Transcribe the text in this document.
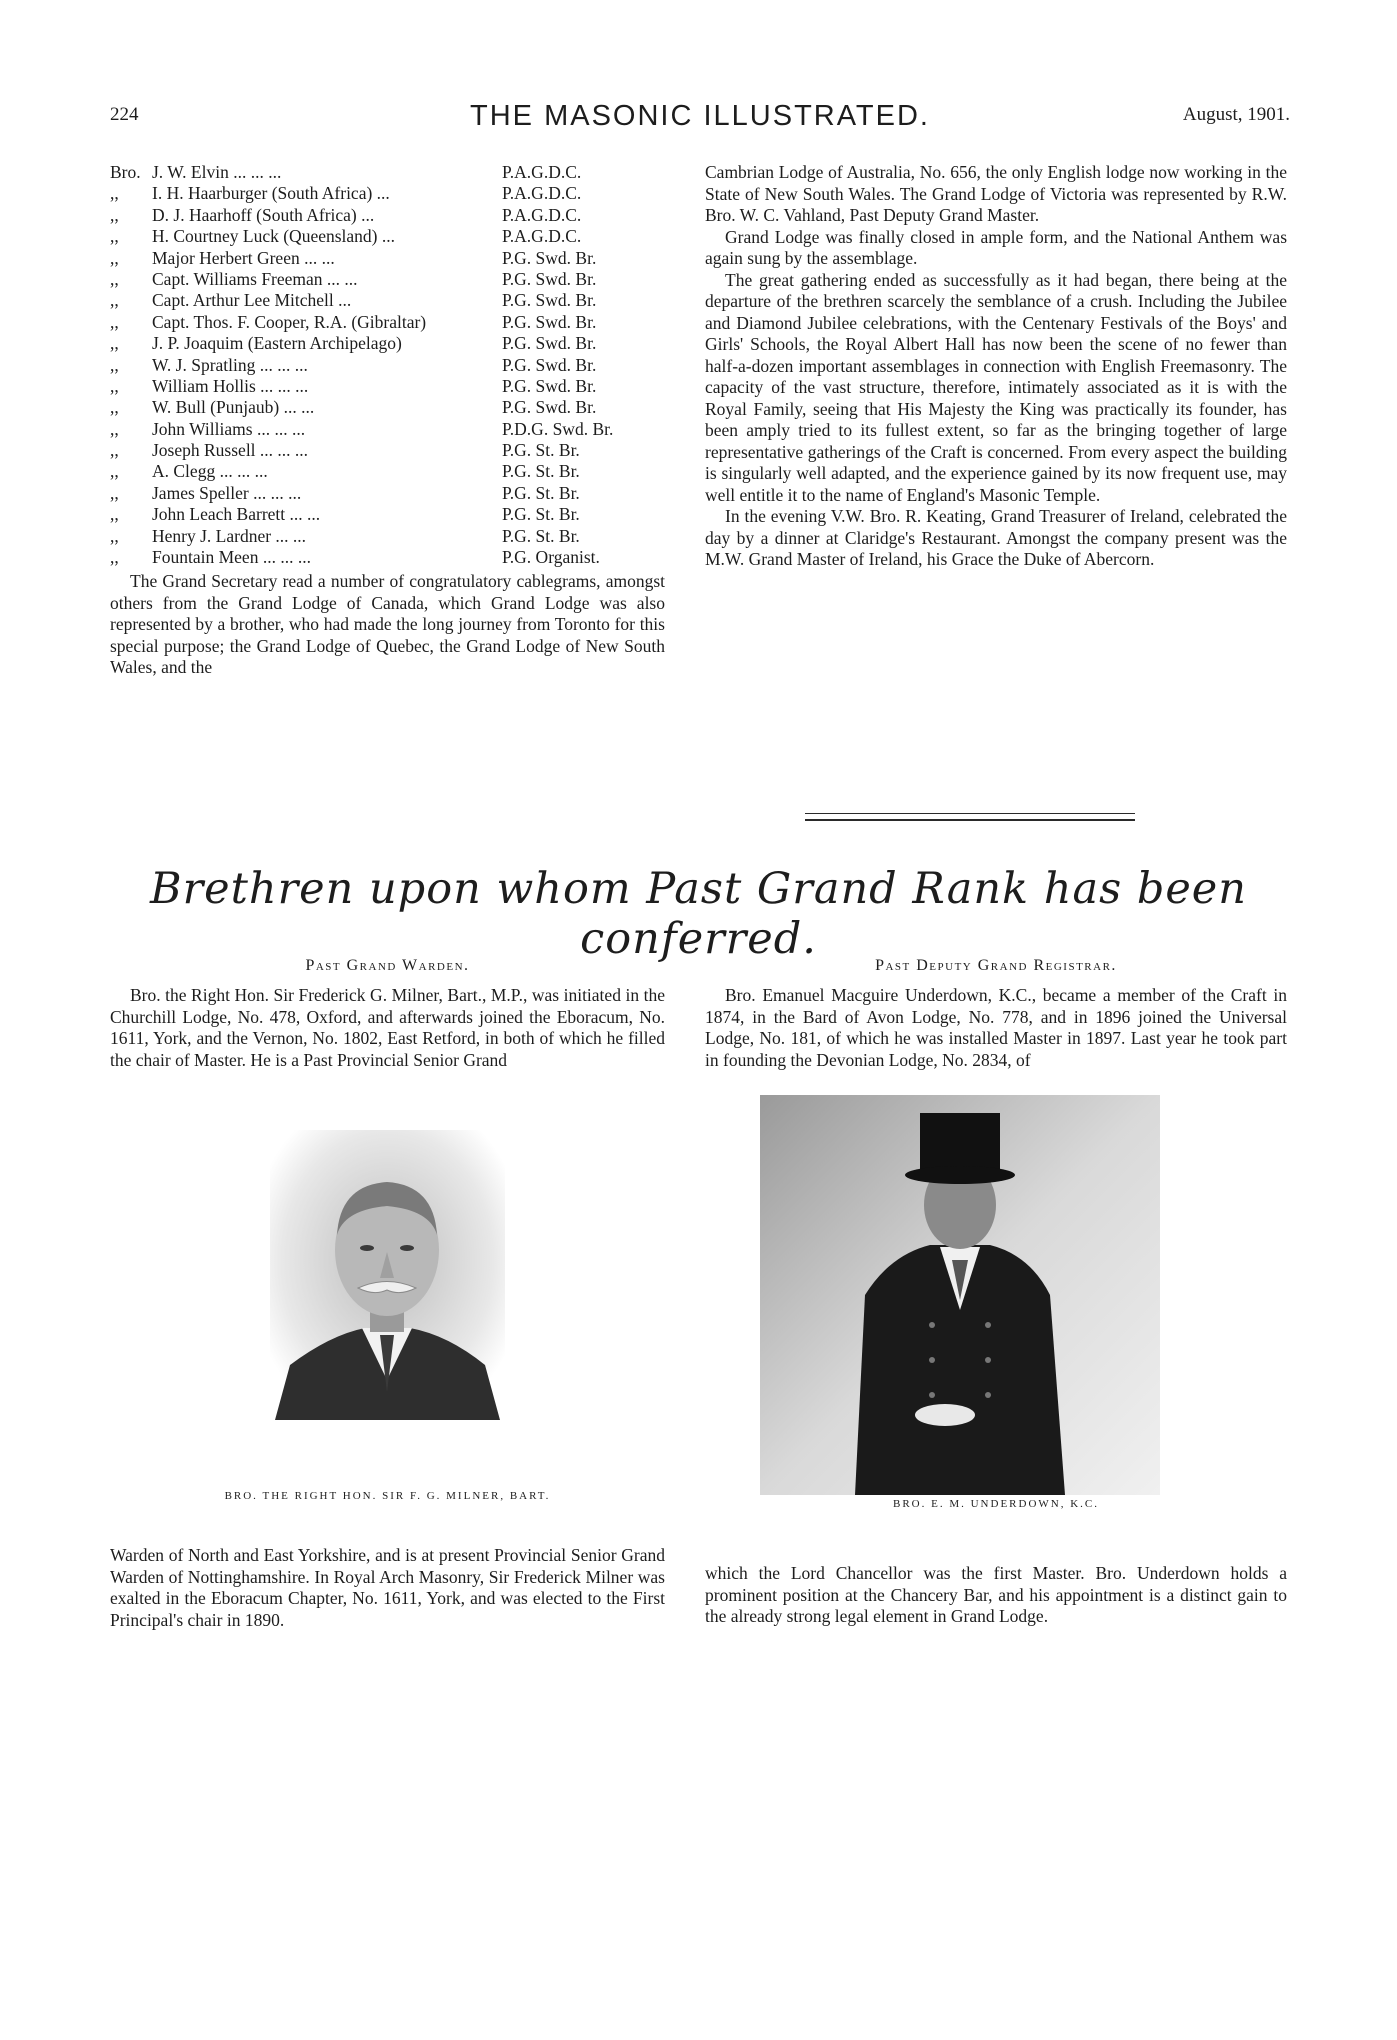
224	THE MASONIC ILLUSTRATED.	August, 1901.
Bro. J. W. Elvin ... ... ...	P.A.G.D.C.
,,	I. H. Haarburger (South Africa) ...	P.A.G.D.C.
,,	D. J. Haarhoff (South Africa) ...	P.A.G.D.C.
,,	H. Courtney Luck (Queensland) ...	P.A.G.D.C.
,,	Major Herbert Green ... ...	P.G. Swd. Br.
,,	Capt. Williams Freeman ... ...	P.G. Swd. Br.
,,	Capt. Arthur Lee Mitchell ...	P.G. Swd. Br.
,,	Capt. Thos. F. Cooper, R.A. (Gibraltar)	P.G. Swd. Br.
,,	J. P. Joaquim (Eastern Archipelago)	P.G. Swd. Br.
,,	W. J. Spratling ... ... ...	P.G. Swd. Br.
,,	William Hollis ... ... ...	P.G. Swd. Br.
,,	W. Bull (Punjaub) ... ...	P.G. Swd. Br.
,,	John Williams ... ... ...	P.D.G. Swd. Br.
,,	Joseph Russell ... ... ...	P.G. St. Br.
,,	A. Clegg ... ... ...	P.G. St. Br.
,,	James Speller ... ... ...	P.G. St. Br.
,,	John Leach Barrett ... ...	P.G. St. Br.
,,	Henry J. Lardner ... ...	P.G. St. Br.
,,	Fountain Meen ... ... ...	P.G. Organist.

The Grand Secretary read a number of congratulatory cablegrams, amongst others from the Grand Lodge of Canada, which Grand Lodge was also represented by a brother, who had made the long journey from Toronto for this special purpose; the Grand Lodge of Quebec, the Grand Lodge of New South Wales, and the

Cambrian Lodge of Australia, No. 656, the only English lodge now working in the State of New South Wales. The Grand Lodge of Victoria was represented by R.W. Bro. W. C. Vahland, Past Deputy Grand Master.

Grand Lodge was finally closed in ample form, and the National Anthem was again sung by the assemblage.

The great gathering ended as successfully as it had began, there being at the departure of the brethren scarcely the semblance of a crush. Including the Jubilee and Diamond Jubilee celebrations, with the Centenary Festivals of the Boys' and Girls' Schools, the Royal Albert Hall has now been the scene of no fewer than half-a-dozen important assemblages in connection with English Freemasonry. The capacity of the vast structure, therefore, intimately associated as it is with the Royal Family, seeing that His Majesty the King was practically its founder, has been amply tried to its fullest extent, so far as the bringing together of large representative gatherings of the Craft is concerned. From every aspect the building is singularly well adapted, and the experience gained by its now frequent use, may well entitle it to the name of England's Masonic Temple.

In the evening V.W. Bro. R. Keating, Grand Treasurer of Ireland, celebrated the day by a dinner at Claridge's Restaurant. Amongst the company present was the M.W. Grand Master of Ireland, his Grace the Duke of Abercorn.

Brethren upon whom Past Grand Rank has been conferred.
Past Grand Warden.

Bro. the Right Hon. Sir Frederick G. Milner, Bart., M.P., was initiated in the Churchill Lodge, No. 478, Oxford, and afterwards joined the Eboracum, No. 1611, York, and the Vernon, No. 1802, East Retford, in both of which he filled the chair of Master. He is a Past Provincial Senior Grand

BRO. THE RIGHT HON. SIR F. G. MILNER, BART.

Warden of North and East Yorkshire, and is at present Provincial Senior Grand Warden of Nottinghamshire. In Royal Arch Masonry, Sir Frederick Milner was exalted in the Eboracum Chapter, No. 1611, York, and was elected to the First Principal's chair in 1890.

Past Deputy Grand Registrar.

Bro. Emanuel Macguire Underdown, K.C., became a member of the Craft in 1874, in the Bard of Avon Lodge, No. 778, and in 1896 joined the Universal Lodge, No. 181, of which he was installed Master in 1897. Last year he took part in founding the Devonian Lodge, No. 2834, of

BRO. E. M. UNDERDOWN, K.C.

which the Lord Chancellor was the first Master. Bro. Underdown holds a prominent position at the Chancery Bar, and his appointment is a distinct gain to the already strong legal element in Grand Lodge.
